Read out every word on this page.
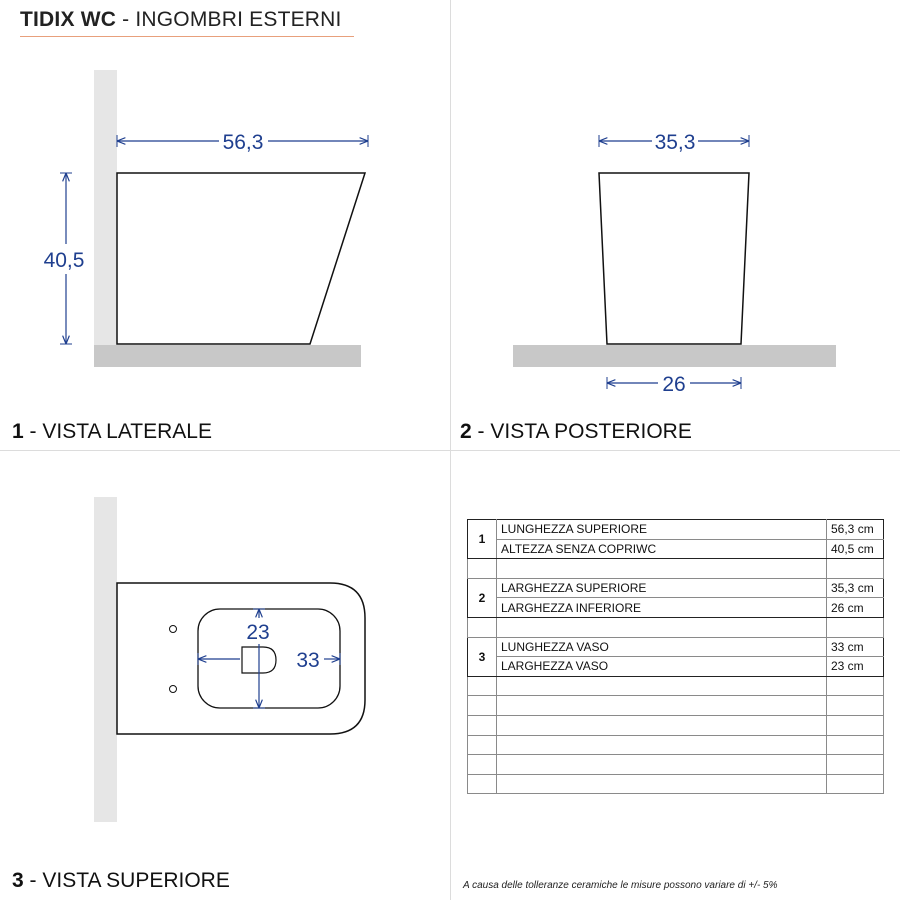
TIDIX WC - INGOMBRI ESTERNI
56,3
40,5
35,3
26
23
33
1 - VISTA LATERALE	2 - VISTA POSTERIORE
3 - VISTA SUPERIORE
1	LUNGHEZZA SUPERIORE	56,3 cm
	ALTEZZA SENZA COPRIWC	40,5 cm

2	LARGHEZZA SUPERIORE	35,3 cm
	LARGHEZZA INFERIORE	26 cm

3	LUNGHEZZA VASO	33 cm
	LARGHEZZA VASO	23 cm

A causa delle tolleranze ceramiche le misure possono variare di +/- 5%
